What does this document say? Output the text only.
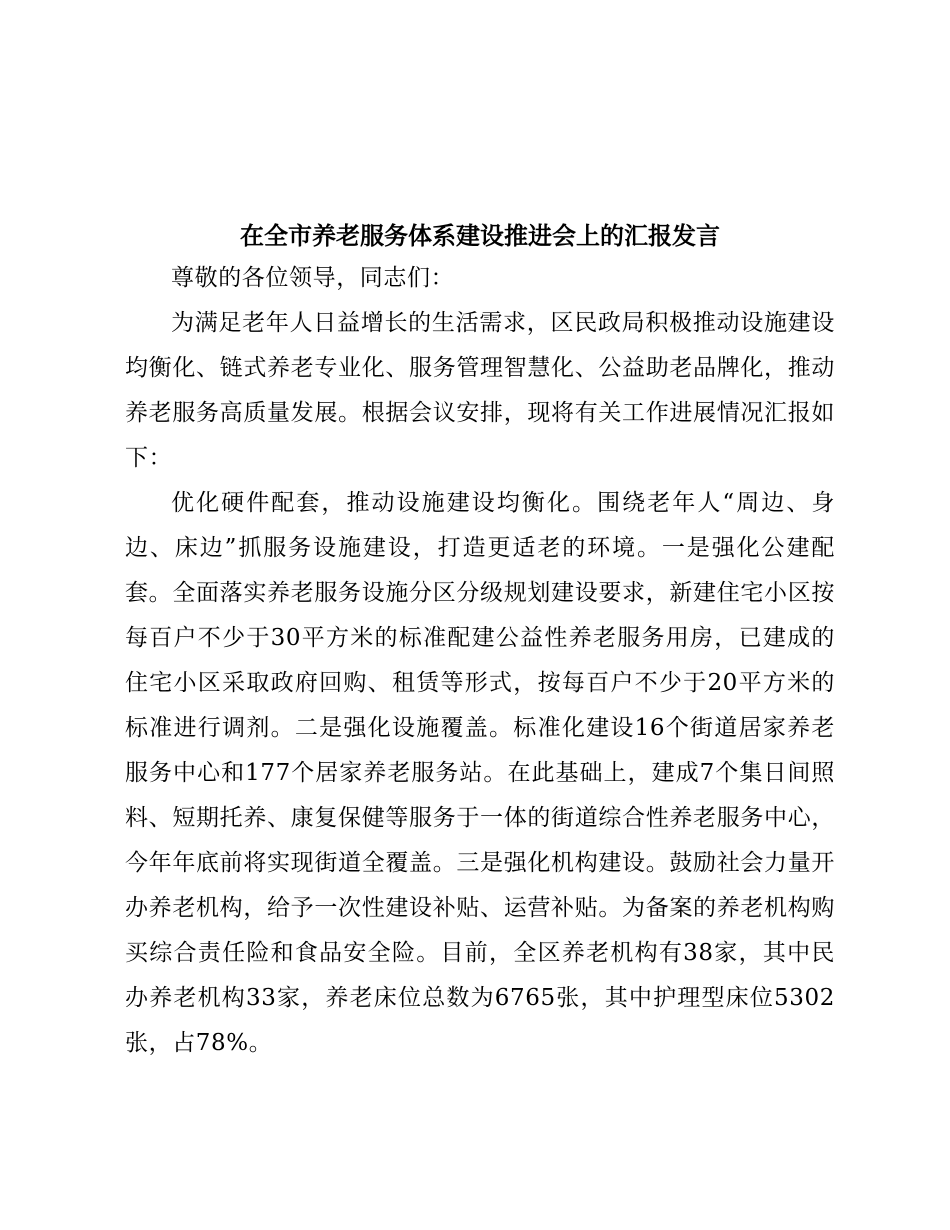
在全市养老服务体系建设推进会上的汇报发言

尊敬的各位领导，同志们：

为满足老年人日益增长的生活需求，区民政局积极推动设施建设均衡化、链式养老专业化、服务管理智慧化、公益助老品牌化，推动养老服务高质量发展。根据会议安排，现将有关工作进展情况汇报如下：

优化硬件配套，推动设施建设均衡化。围绕老年人“周边、身边、床边”抓服务设施建设，打造更适老的环境。一是强化公建配套。全面落实养老服务设施分区分级规划建设要求，新建住宅小区按每百户不少于30平方米的标准配建公益性养老服务用房，已建成的住宅小区采取政府回购、租赁等形式，按每百户不少于20平方米的标准进行调剂。二是强化设施覆盖。标准化建设16个街道居家养老服务中心和177个居家养老服务站。在此基础上，建成7个集日间照料、短期托养、康复保健等服务于一体的街道综合性养老服务中心，今年年底前将实现街道全覆盖。三是强化机构建设。鼓励社会力量开办养老机构，给予一次性建设补贴、运营补贴。为备案的养老机构购买综合责任险和食品安全险。目前，全区养老机构有38家，其中民办养老机构33家，养老床位总数为6765张，其中护理型床位5302张，占78%。
